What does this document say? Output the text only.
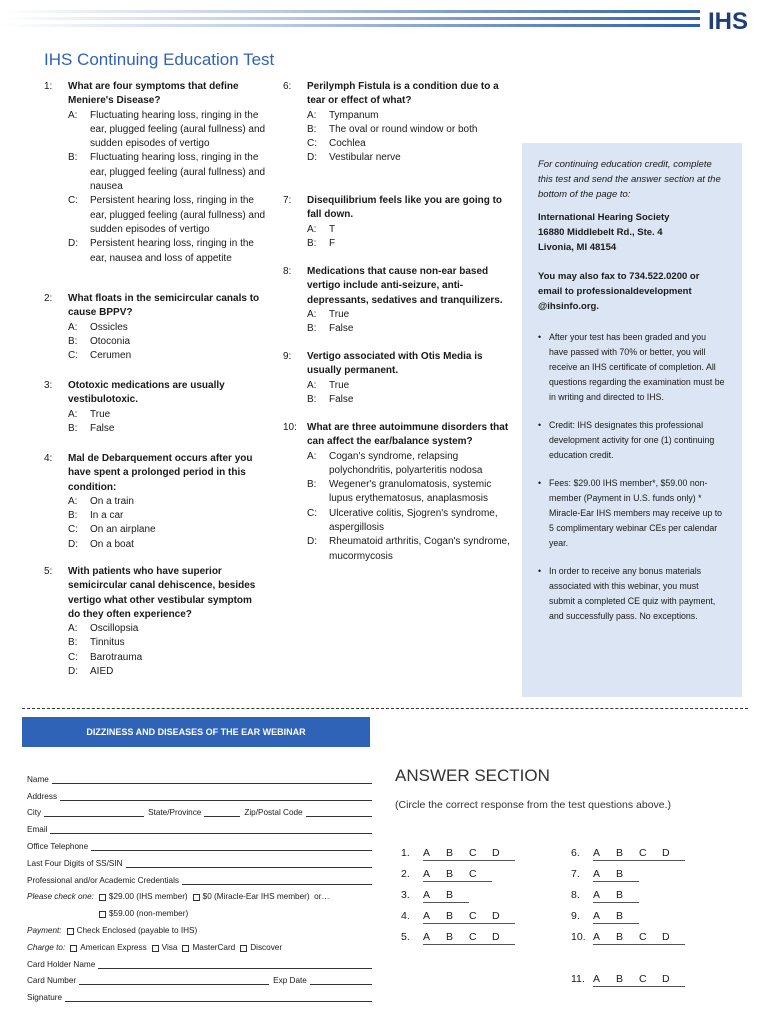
IHS
IHS Continuing Education Test
1: What are four symptoms that define Meniere's Disease?
A: Fluctuating hearing loss, ringing in the ear, plugged feeling (aural fullness) and sudden episodes of vertigo
B: Fluctuating hearing loss, ringing in the ear, plugged feeling (aural fullness) and nausea
C: Persistent hearing loss, ringing in the ear, plugged feeling (aural fullness) and sudden episodes of vertigo
D: Persistent hearing loss, ringing in the ear, nausea and loss of appetite
2: What floats in the semicircular canals to cause BPPV?
A: Ossicles
B: Otoconia
C: Cerumen
3: Ototoxic medications are usually vestibulotoxic.
A: True
B: False
4: Mal de Debarquement occurs after you have spent a prolonged period in this condition:
A: On a train
B: In a car
C: On an airplane
D: On a boat
5: With patients who have superior semicircular canal dehiscence, besides vertigo what other vestibular symptom do they often experience?
A: Oscillopsia
B: Tinnitus
C: Barotrauma
D: AIED
6: Perilymph Fistula is a condition due to a tear or effect of what?
A: Tympanum
B: The oval or round window or both
C: Cochlea
D: Vestibular nerve
7: Disequilibrium feels like you are going to fall down.
A: T
B: F
8: Medications that cause non-ear based vertigo include anti-seizure, anti-depressants, sedatives and tranquilizers.
A: True
B: False
9: Vertigo associated with Otis Media is usually permanent.
A: True
B: False
10: What are three autoimmune disorders that can affect the ear/balance system?
A: Cogan's syndrome, relapsing polychondritis, polyarteritis nodosa
B: Wegener's granulomatosis, systemic lupus erythematosus, anaplasmosis
C: Ulcerative colitis, Sjogren's syndrome, aspergillosis
D: Rheumatoid arthritis, Cogan's syndrome, mucormycosis
For continuing education credit, complete this test and send the answer section at the bottom of the page to:
International Hearing Society
16880 Middlebelt Rd., Ste. 4
Livonia, MI 48154
You may also fax to 734.522.0200 or email to professionaldevelopment @ihsinfo.org.
• After your test has been graded and you have passed with 70% or better, you will receive an IHS certificate of completion. All questions regarding the examination must be in writing and directed to IHS.
• Credit: IHS designates this professional development activity for one (1) continuing education credit.
• Fees: $29.00 IHS member*, $59.00 non-member (Payment in U.S. funds only) * Miracle-Ear IHS members may receive up to 5 complimentary webinar CEs per calendar year.
• In order to receive any bonus materials associated with this webinar, you must submit a completed CE quiz with payment, and successfully pass. No exceptions.
DIZZINESS AND DISEASES OF THE EAR WEBINAR
Name
Address
City	State/Province	Zip/Postal Code
Email
Office Telephone
Last Four Digits of SS/SIN
Professional and/or Academic Credentials
Please check one: $29.00 (IHS member) $0 (Miracle-Ear IHS member)
or…
$59.00 (non-member)
Payment: Check Enclosed (payable to IHS)
Charge to: American Express Visa MasterCard Discover
Card Holder Name
Card Number	Exp Date
Signature
ANSWER SECTION
(Circle the correct response from the test questions above.)
1.	A	B	C	D
2.	A	B	C
3.	A	B
4.	A	B	C	D
5.	A	B	C	D
6.	A	B	C	D
7.	A	B
8.	A	B
9.	A	B
10. A	B	C	D
11. A	B	C	D
